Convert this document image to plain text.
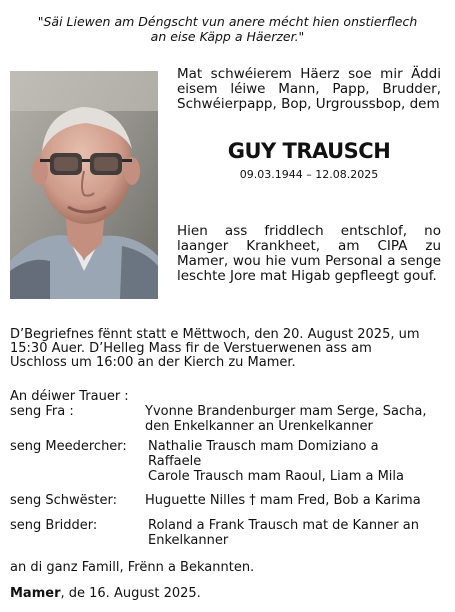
"Säi Liewen am Déngscht vun anere mécht hien onstierflech
an eise Käpp a Häerzer."
Mat schwéierem Häerz soe mir Äddi eisem léiwe Mann, Papp, Brudder, Schwéierpapp, Bop, Urgroussbop, dem
GUY TRAUSCH
09.03.1944 – 12.08.2025
Hien ass friddlech entschlof, no laanger Krankheet, am CIPA zu Mamer, wou hie vum Personal a senge leschte Jore mat Higab gepfleegt gouf.
D’Begriefnes fënnt statt e Mëttwoch, den 20. August 2025, um
15:30 Auer. D’Helleg Mass fir de Verstuerwenen ass am
Uschloss um 16:00 an der Kierch zu Mamer.
An déiwer Trauer :
seng Fra :	Yvonne Brandenburger mam Serge, Sacha,
den Enkelkanner an Urenkelkanner
seng Meedercher: Nathalie Trausch mam Domiziano a
Raffaele
Carole Trausch mam Raoul, Liam a Mila
seng Schwëster: Huguette Nilles † mam Fred, Bob a Karima
seng Bridder:	Roland a Frank Trausch mat de Kanner an
Enkelkanner
an di ganz Famill, Frënn a Bekannten.
Mamer, de 16. August 2025.
